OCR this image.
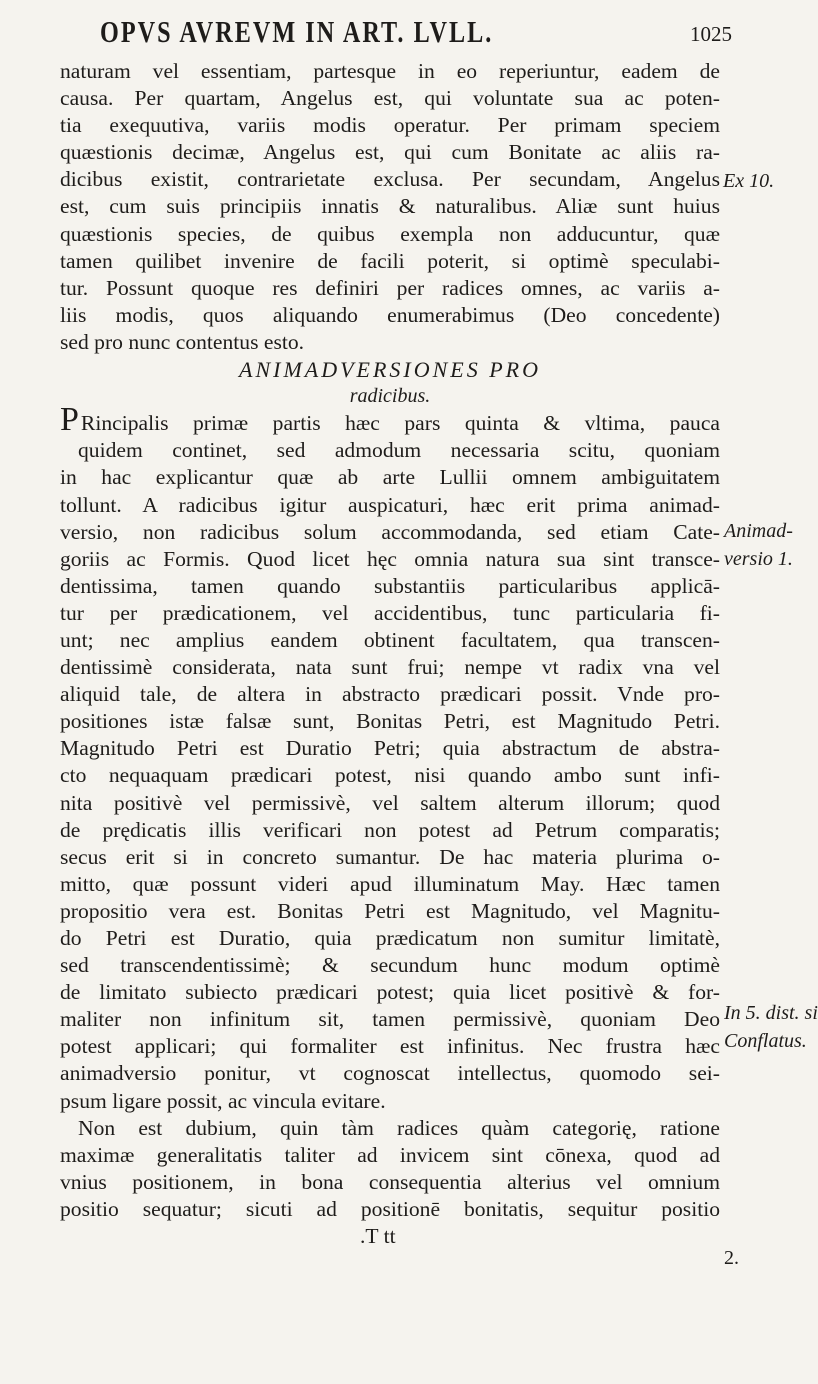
OPVS AVREVM IN ART. LVLL.	1025
naturam vel essentiam, partesque in eo reperiuntur, eadem de
causa. Per quartam, Angelus est, qui voluntate sua ac poten-
tia exequutiva, variis modis operatur. Per primam speciem
quæstionis decimæ, Angelus est, qui cum Bonitate ac aliis ra-
dicibus existit, contrarietate exclusa. Per secundam, Angelus
est, cum suis principiis innatis & naturalibus. Aliæ sunt huius
quæstionis species, de quibus exempla non adducuntur, quæ
tamen quilibet invenire de facili poterit, si optimè speculabi-
tur. Possunt quoque res definiri per radices omnes, ac variis a-
liis modis, quos aliquando enumerabimus (Deo concedente)
sed pro nunc contentus esto.
ANIMADVERSIONES PRO
radicibus.
P Rincipalis primæ partis hæc pars quinta & vltima, pauca
quidem continet, sed admodum necessaria scitu, quoniam
in hac explicantur quæ ab arte Lullii omnem ambiguitatem
tollunt. A radicibus igitur auspicaturi, hæc erit prima animad-
versio, non radicibus solum accommodanda, sed etiam Cate-
goriis ac Formis. Quod licet hęc omnia natura sua sint transce-
dentissima, tamen quando substantiis particularibus applicā-
tur per prædicationem, vel accidentibus, tunc particularia fi-
unt; nec amplius eandem obtinent facultatem, qua transcen-
dentissimè considerata, nata sunt frui; nempe vt radix vna vel
aliquid tale, de altera in abstracto prædicari possit. Vnde pro-
positiones istæ falsæ sunt, Bonitas Petri, est Magnitudo Petri.
Magnitudo Petri est Duratio Petri; quia abstractum de abstra-
cto nequaquam prædicari potest, nisi quando ambo sunt infi-
nita positivè vel permissivè, vel saltem alterum illorum; quod
de prędicatis illis verificari non potest ad Petrum comparatis;
secus erit si in concreto sumantur. De hac materia plurima o-
mitto, quæ possunt videri apud illuminatum May. Hæc tamen
propositio vera est. Bonitas Petri est Magnitudo, vel Magnitu-
do Petri est Duratio, quia prædicatum non sumitur limitatè,
sed transcendentissimè; & secundum hunc modum optimè
de limitato subiecto prædicari potest; quia licet positivè & for-
maliter non infinitum sit, tamen permissivè, quoniam Deo
potest applicari; qui formaliter est infinitus. Nec frustra hæc
animadversio ponitur, vt cognoscat intellectus, quomodo sei-
psum ligare possit, ac vincula evitare.
Non est dubium, quin tàm radices quàm categorię, ratione
maximæ generalitatis taliter ad invicem sint cōnexa, quod ad
vnius positionem, in bona consequentia alterius vel omnium
positio sequatur; sicuti ad positionē bonitatis, sequitur positio
.T tt
Ex 10.
Animad-
versio 1.
In 5. dist. si
Conflatus.
2.
